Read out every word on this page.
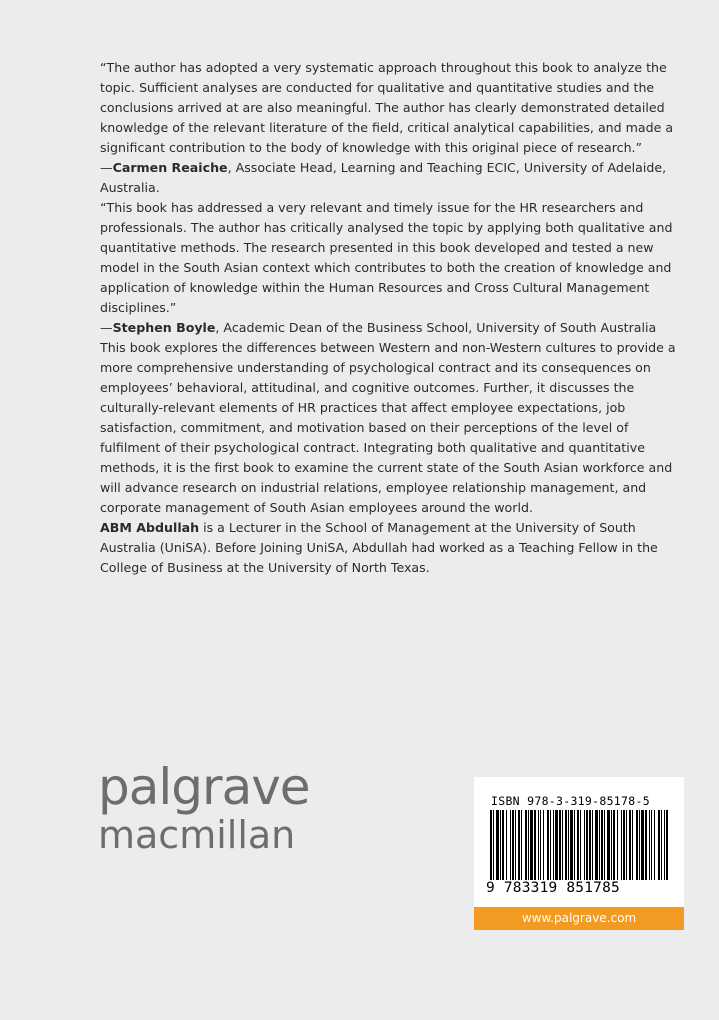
“The author has adopted a very systematic approach throughout this book to analyze the topic. Sufficient analyses are conducted for qualitative and quantitative studies and the conclusions arrived at are also meaningful. The author has clearly demonstrated detailed knowledge of the relevant literature of the field, critical analytical capabilities, and made a significant contribution to the body of knowledge with this original piece of research.”
—Carmen Reaiche, Associate Head, Learning and Teaching ECIC, University of Adelaide, Australia.

“This book has addressed a very relevant and timely issue for the HR researchers and professionals. The author has critically analysed the topic by applying both qualitative and quantitative methods. The research presented in this book developed and tested a new model in the South Asian context which contributes to both the creation of knowledge and application of knowledge within the Human Resources and Cross Cultural Management disciplines.”
—Stephen Boyle, Academic Dean of the Business School, University of South Australia

This book explores the differences between Western and non-Western cultures to provide a more comprehensive understanding of psychological contract and its consequences on employees’ behavioral, attitudinal, and cognitive outcomes. Further, it discusses the culturally-relevant elements of HR practices that affect employee expectations, job satisfaction, commitment, and motivation based on their perceptions of the level of fulfilment of their psychological contract. Integrating both qualitative and quantitative methods, it is the first book to examine the current state of the South Asian workforce and will advance research on industrial relations, employee relationship management, and corporate management of South Asian employees around the world.

ABM Abdullah is a Lecturer in the School of Management at the University of South Australia (UniSA). Before Joining UniSA, Abdullah had worked as a Teaching Fellow in the College of Business at the University of North Texas.

palgrave
macmillan
ISBN 978-3-319-85178-5
9 783319 851785
www.palgrave.com
